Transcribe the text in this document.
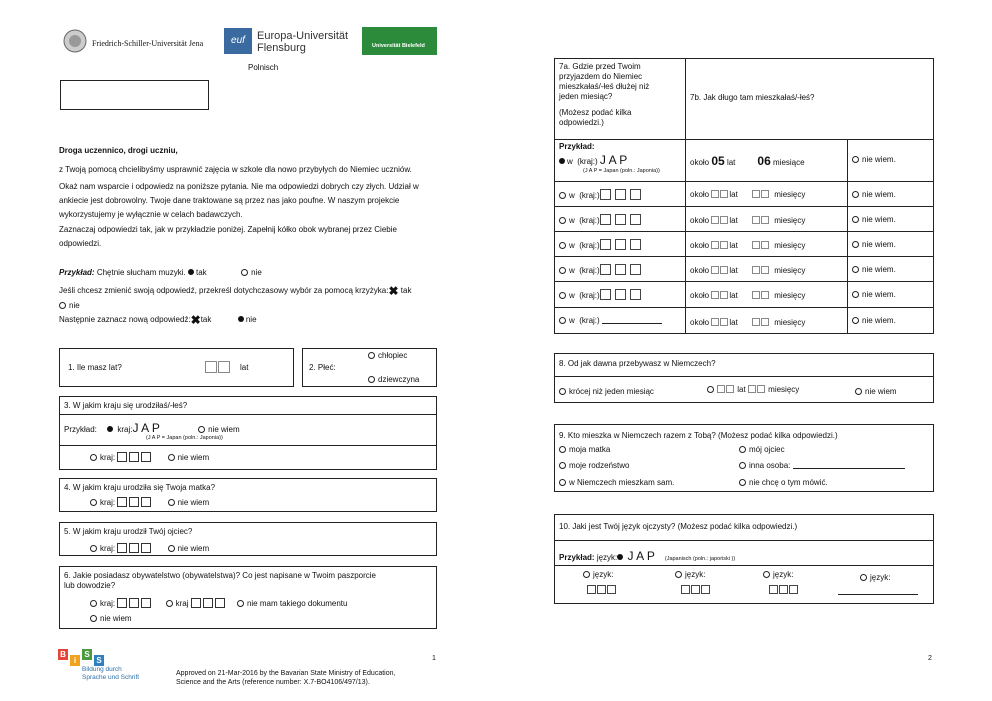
Friedrich-Schiller-Universität Jena	euf	Europa-Universität
Flensburg	Universität Bielefeld
Polnisch
Droga uczennico, drogi uczniu,
z Twoją pomocą chcielibyśmy usprawnić zajęcia w szkole dla nowo przybyłych do Niemiec uczniów.
Okaż nam wsparcie i odpowiedz na poniższe pytania. Nie ma odpowiedzi dobrych czy złych. Udział w
ankiecie jest dobrowolny. Twoje dane traktowane są przez nas jako poufne. W naszym projekcie
wykorzystujemy je wyłącznie w celach badawczych.
Zaznaczaj odpowiedzi tak, jak w przykładzie poniżej. Zapełnij kółko obok wybranej przez Ciebie
odpowiedzi.
Przykład: Chętnie słucham muzyki. tak	nie
Jeśli chcesz zmienić swoją odpowiedź, przekreśl dotychczasowy wybór za pomocą krzyżyka:✖ tak
nie
Następnie zaznacz nową odpowiedź:✖tak	nie
1. Ile masz lat?	lat	2. Płeć:
chłopiec
dziewczyna
3. W jakim kraju się urodziłaś/-łeś?
Przykład:	kraj:J A P	nie wiem
(J A P = Japan (poln.: Japonia))
kraj:	nie wiem
4. W jakim kraju urodziła się Twoja matka?
kraj:	nie wiem
5. W jakim kraju urodził Twój ojciec?
kraj:	nie wiem
6. Jakie posiadasz obywatelstwo (obywatelstwa)? Co jest napisane w Twoim paszporcie
lub dowodzie?
kraj:	kraj	nie mam takiego dokumentu
nie wiem
B
i
S
S
Bildung durch
Sprache und Schrift
Approved on 21-Mar-2016 by the Bavarian State Ministry of Education,
Science and the Arts (reference number: X.7-BO4106/497/13).
1	2
7a. Gdzie przed Twoim
przyjazdem do Niemiec
mieszkałaś/-łeś dłużej niż
jeden miesiąc?
(Możesz podać kilka
odpowiedzi.)
7b. Jak długo tam mieszkałaś/-łeś?
Przykład:
w (kraj:) J A P
(J A P = Japan (poln.: Japonia))
około 05 lat 06 miesiące	nie wiem.
w (kraj:)	około	lat	miesięcy	nie wiem.
w (kraj:)	około	lat	miesięcy	nie wiem.
w (kraj:)	około	lat	miesięcy	nie wiem.
w (kraj:)	około	lat	miesięcy	nie wiem.
w (kraj:)	około	lat	miesięcy	nie wiem.
w (kraj:)	około	lat	miesięcy	nie wiem.
8. Od jak dawna przebywasz w Niemczech?
krócej niż jeden miesiąc	lat	miesięcy	nie wiem
9. Kto mieszka w Niemczech razem z Tobą? (Możesz podać kilka odpowiedzi.)
moja matka	mój ojciec
moje rodzeństwo	inna osoba:
w Niemczech mieszkam sam.	nie chcę o tym mówić.
10. Jaki jest Twój język ojczysty? (Możesz podać kilka odpowiedzi.)
Przykład: język: J A P (Japanisch (poln.: japoński ))
język:	język:	język:	język:
